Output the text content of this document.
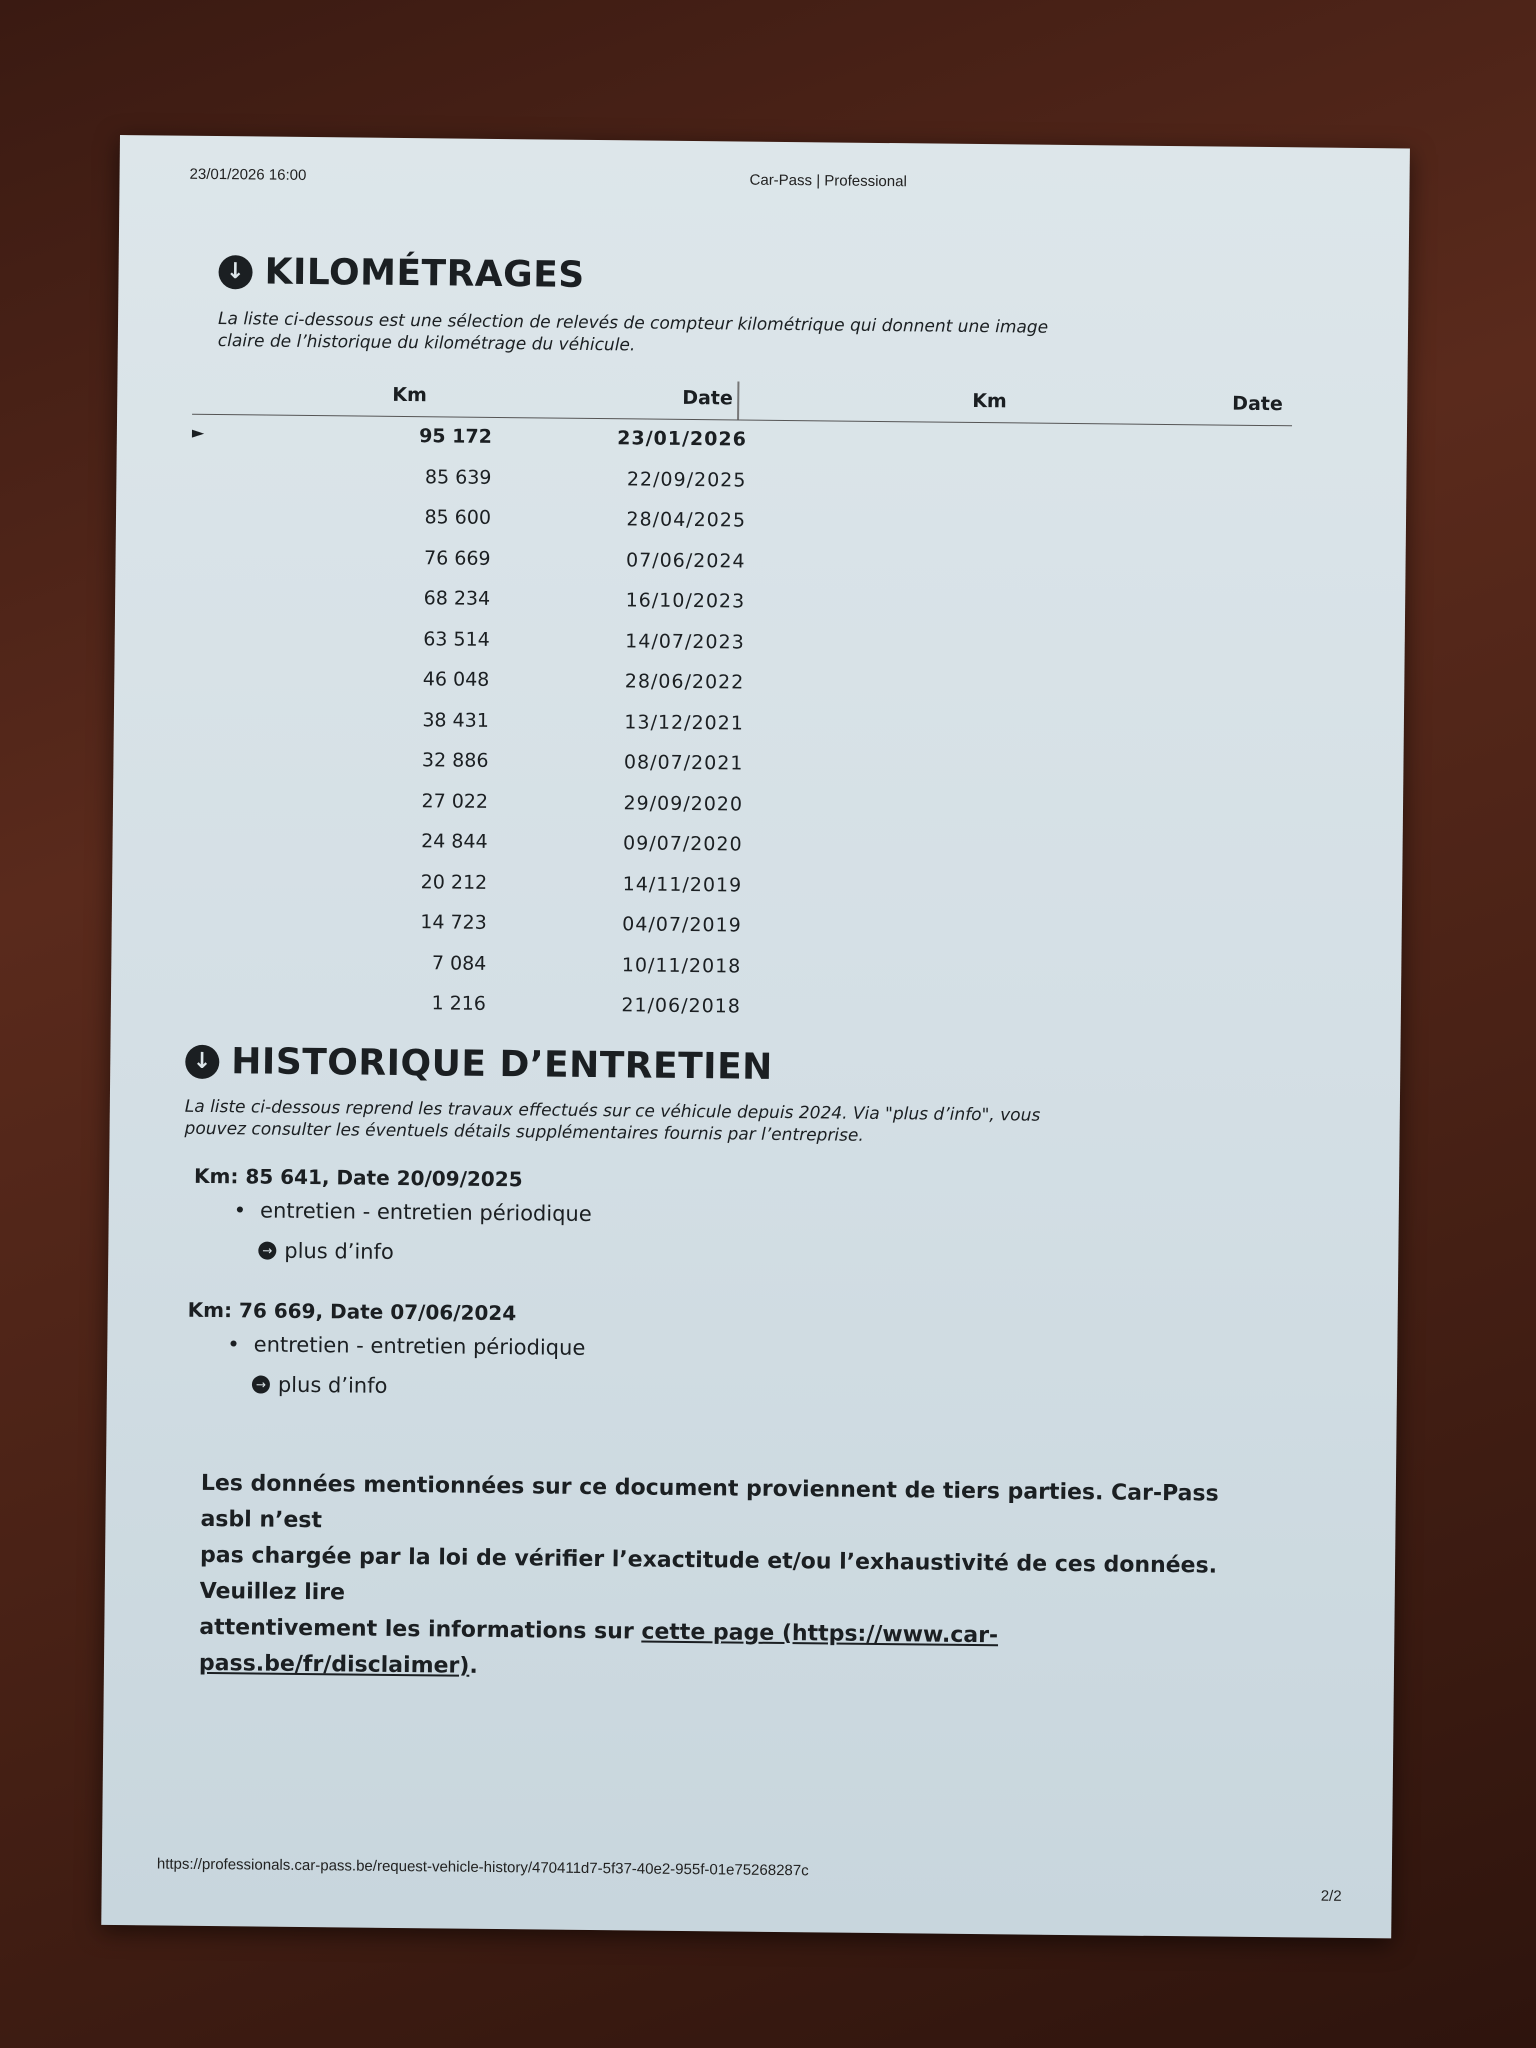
23/01/2026 16:00	Car-Pass | Professional
↓ KILOMÉTRAGES
La liste ci-dessous est une sélection de relevés de compteur kilométrique qui donnent une image
claire de l’historique du kilométrage du véhicule.
Km	Date	Km	Date
►	95 172	23/01/2026
85 639	22/09/2025
85 600	28/04/2025
76 669	07/06/2024
68 234	16/10/2023
63 514	14/07/2023
46 048	28/06/2022
38 431	13/12/2021
32 886	08/07/2021
27 022	29/09/2020
24 844	09/07/2020
20 212	14/11/2019
14 723	04/07/2019
7 084	10/11/2018
1 216	21/06/2018
↓ HISTORIQUE D’ENTRETIEN
La liste ci-dessous reprend les travaux effectués sur ce véhicule depuis 2024. Via "plus d’info", vous
pouvez consulter les éventuels détails supplémentaires fournis par l’entreprise.
Km: 85 641, Date 20/09/2025
• entretien - entretien périodique
→ plus d’info
Km: 76 669, Date 07/06/2024
• entretien - entretien périodique
→ plus d’info
Les données mentionnées sur ce document proviennent de tiers parties. Car-Pass asbl n’est
pas chargée par la loi de vérifier l’exactitude et/ou l’exhaustivité de ces données. Veuillez lire
attentivement les informations sur cette page (https://www.car-pass.be/fr/disclaimer).
https://professionals.car-pass.be/request-vehicle-history/470411d7-5f37-40e2-955f-01e75268287c
2/2
